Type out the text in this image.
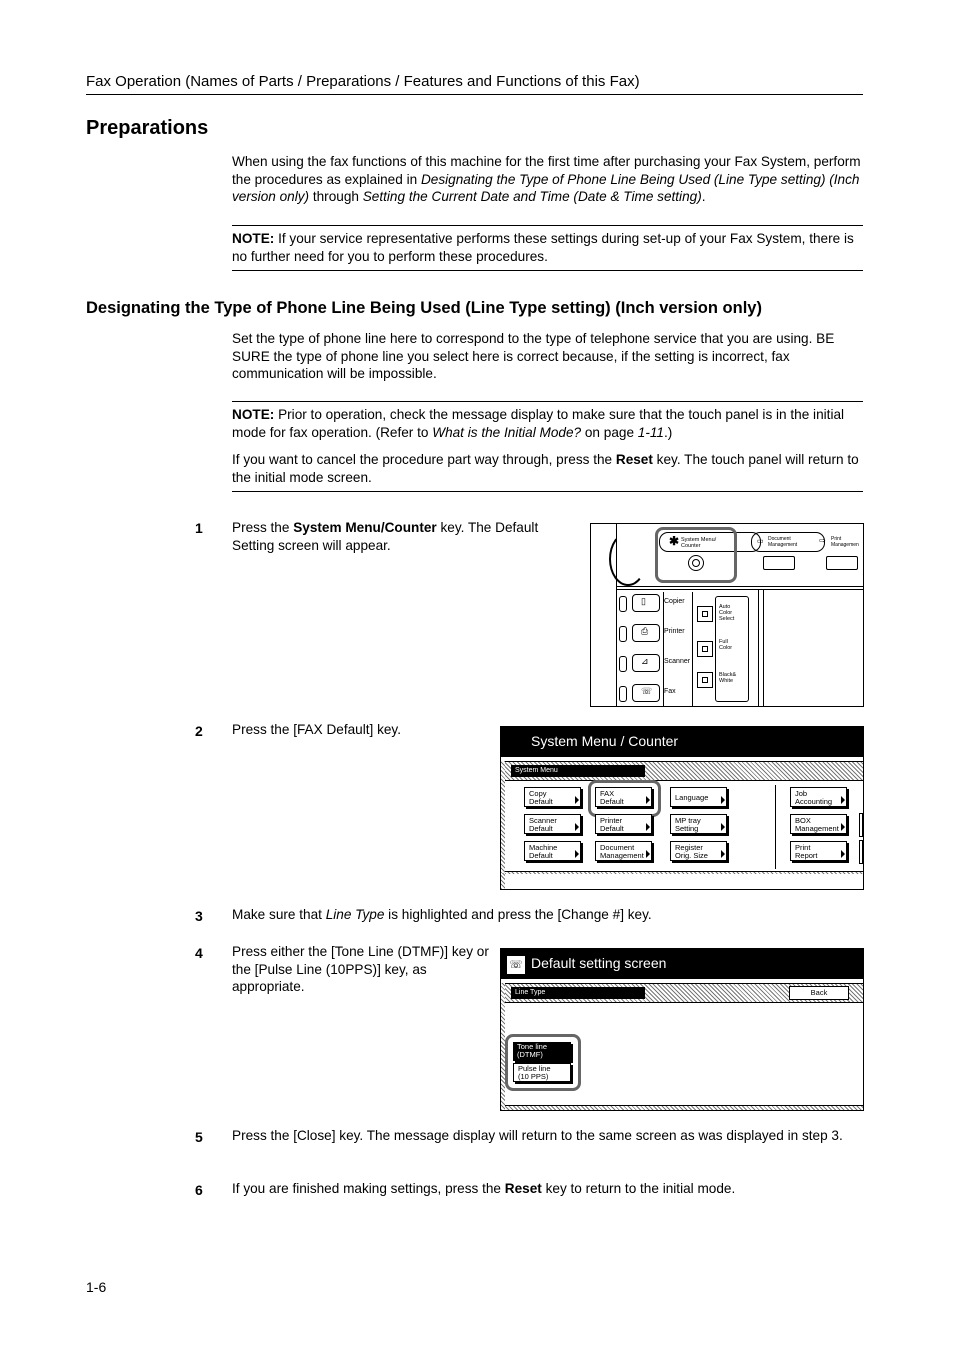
Fax Operation (Names of Parts / Preparations / Features and Functions of this Fax)
Preparations
When using the fax functions of this machine for the first time after purchasing your Fax System, perform the procedures as explained in Designating the Type of Phone Line Being Used (Line Type setting) (Inch version only) through Setting the Current Date and Time (Date & Time setting).
NOTE: If your service representative performs these settings during set-up of your Fax System, there is no further need for you to perform these procedures.
Designating the Type of Phone Line Being Used (Line Type setting) (Inch version only)
Set the type of phone line here to correspond to the type of telephone service that you are using. BE SURE the type of phone line you select here is correct because, if the setting is incorrect, fax communication will be impossible.
NOTE: Prior to operation, check the message display to make sure that the touch panel is in the initial mode for fax operation. (Refer to What is the Initial Mode? on page 1-11.)
If you want to cancel the procedure part way through, press the Reset key. The touch panel will return to the initial mode screen.
1 Press the System Menu/Counter key. The Default Setting screen will appear.	✱ System Menu/
Counter
▭ Document
Management	⇨ Print
Managemen
▯	Copier
⎙ Printer
⊿ Scanner
☏ Fax
Auto
Color
Select
Full
Color
Black&
White
2 Press the [FAX Default] key.
System Menu / Counter
System Menu
Copy
Default
FAX
Default	Language	Job
Accounting
Scanner
Default
Printer
Default
MP tray
Setting
BOX
Management
Machine
Default
Document
Management
Register
Orig. Size
Print
Report
3 Make sure that Line Type is highlighted and press the [Change #] key.
4 Press either the [Tone Line (DTMF)] key or the [Pulse Line (10PPS)] key, as appropriate.
Default setting screen
☏
Line Type	Back
Tone line
(DTMF)
Pulse line
(10 PPS)
5 Press the [Close] key. The message display will return to the same screen as was displayed in step 3.
6 If you are finished making settings, press the Reset key to return to the initial mode.
1-6
